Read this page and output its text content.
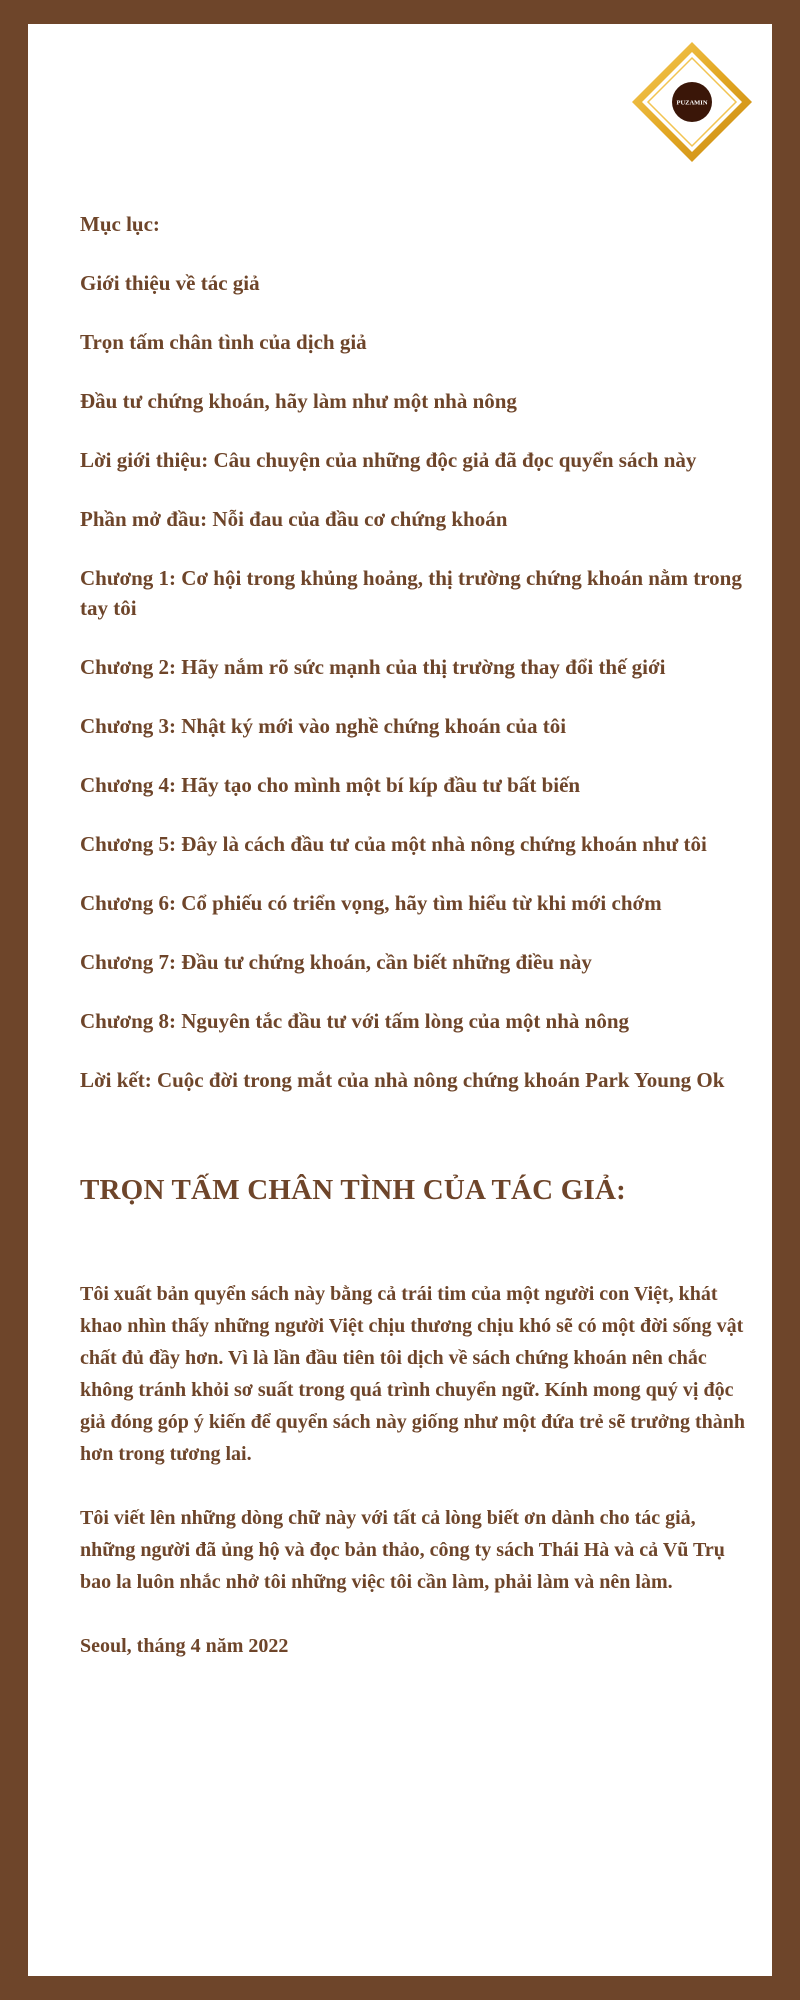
PUZAMIN
Mục lục:
Giới thiệu về tác giả
Trọn tấm chân tình của dịch giả
Đầu tư chứng khoán, hãy làm như một nhà nông
Lời giới thiệu: Câu chuyện của những độc giả đã đọc quyển sách này
Phần mở đầu: Nỗi đau của đầu cơ chứng khoán
Chương 1: Cơ hội trong khủng hoảng, thị trường chứng khoán nằm trong tay tôi
Chương 2: Hãy nắm rõ sức mạnh của thị trường thay đổi thế giới
Chương 3: Nhật ký mới vào nghề chứng khoán của tôi
Chương 4: Hãy tạo cho mình một bí kíp đầu tư bất biến
Chương 5: Đây là cách đầu tư của một nhà nông chứng khoán như tôi
Chương 6: Cổ phiếu có triển vọng, hãy tìm hiểu từ khi mới chớm
Chương 7: Đầu tư chứng khoán, cần biết những điều này
Chương 8: Nguyên tắc đầu tư với tấm lòng của một nhà nông
Lời kết: Cuộc đời trong mắt của nhà nông chứng khoán Park Young Ok
TRỌN TẤM CHÂN TÌNH CỦA TÁC GIẢ:

Tôi xuất bản quyển sách này bằng cả trái tim của một người con Việt, khát khao nhìn thấy những người Việt chịu thương chịu khó sẽ có một đời sống vật chất đủ đầy hơn. Vì là lần đầu tiên tôi dịch về sách chứng khoán nên chắc không tránh khỏi sơ suất trong quá trình chuyển ngữ. Kính mong quý vị độc giả đóng góp ý kiến để quyển sách này giống như một đứa trẻ sẽ trưởng thành hơn trong tương lai.

Tôi viết lên những dòng chữ này với tất cả lòng biết ơn dành cho tác giả, những người đã ủng hộ và đọc bản thảo, công ty sách Thái Hà và cả Vũ Trụ bao la luôn nhắc nhở tôi những việc tôi cần làm, phải làm và nên làm.

Seoul, tháng 4 năm 2022
